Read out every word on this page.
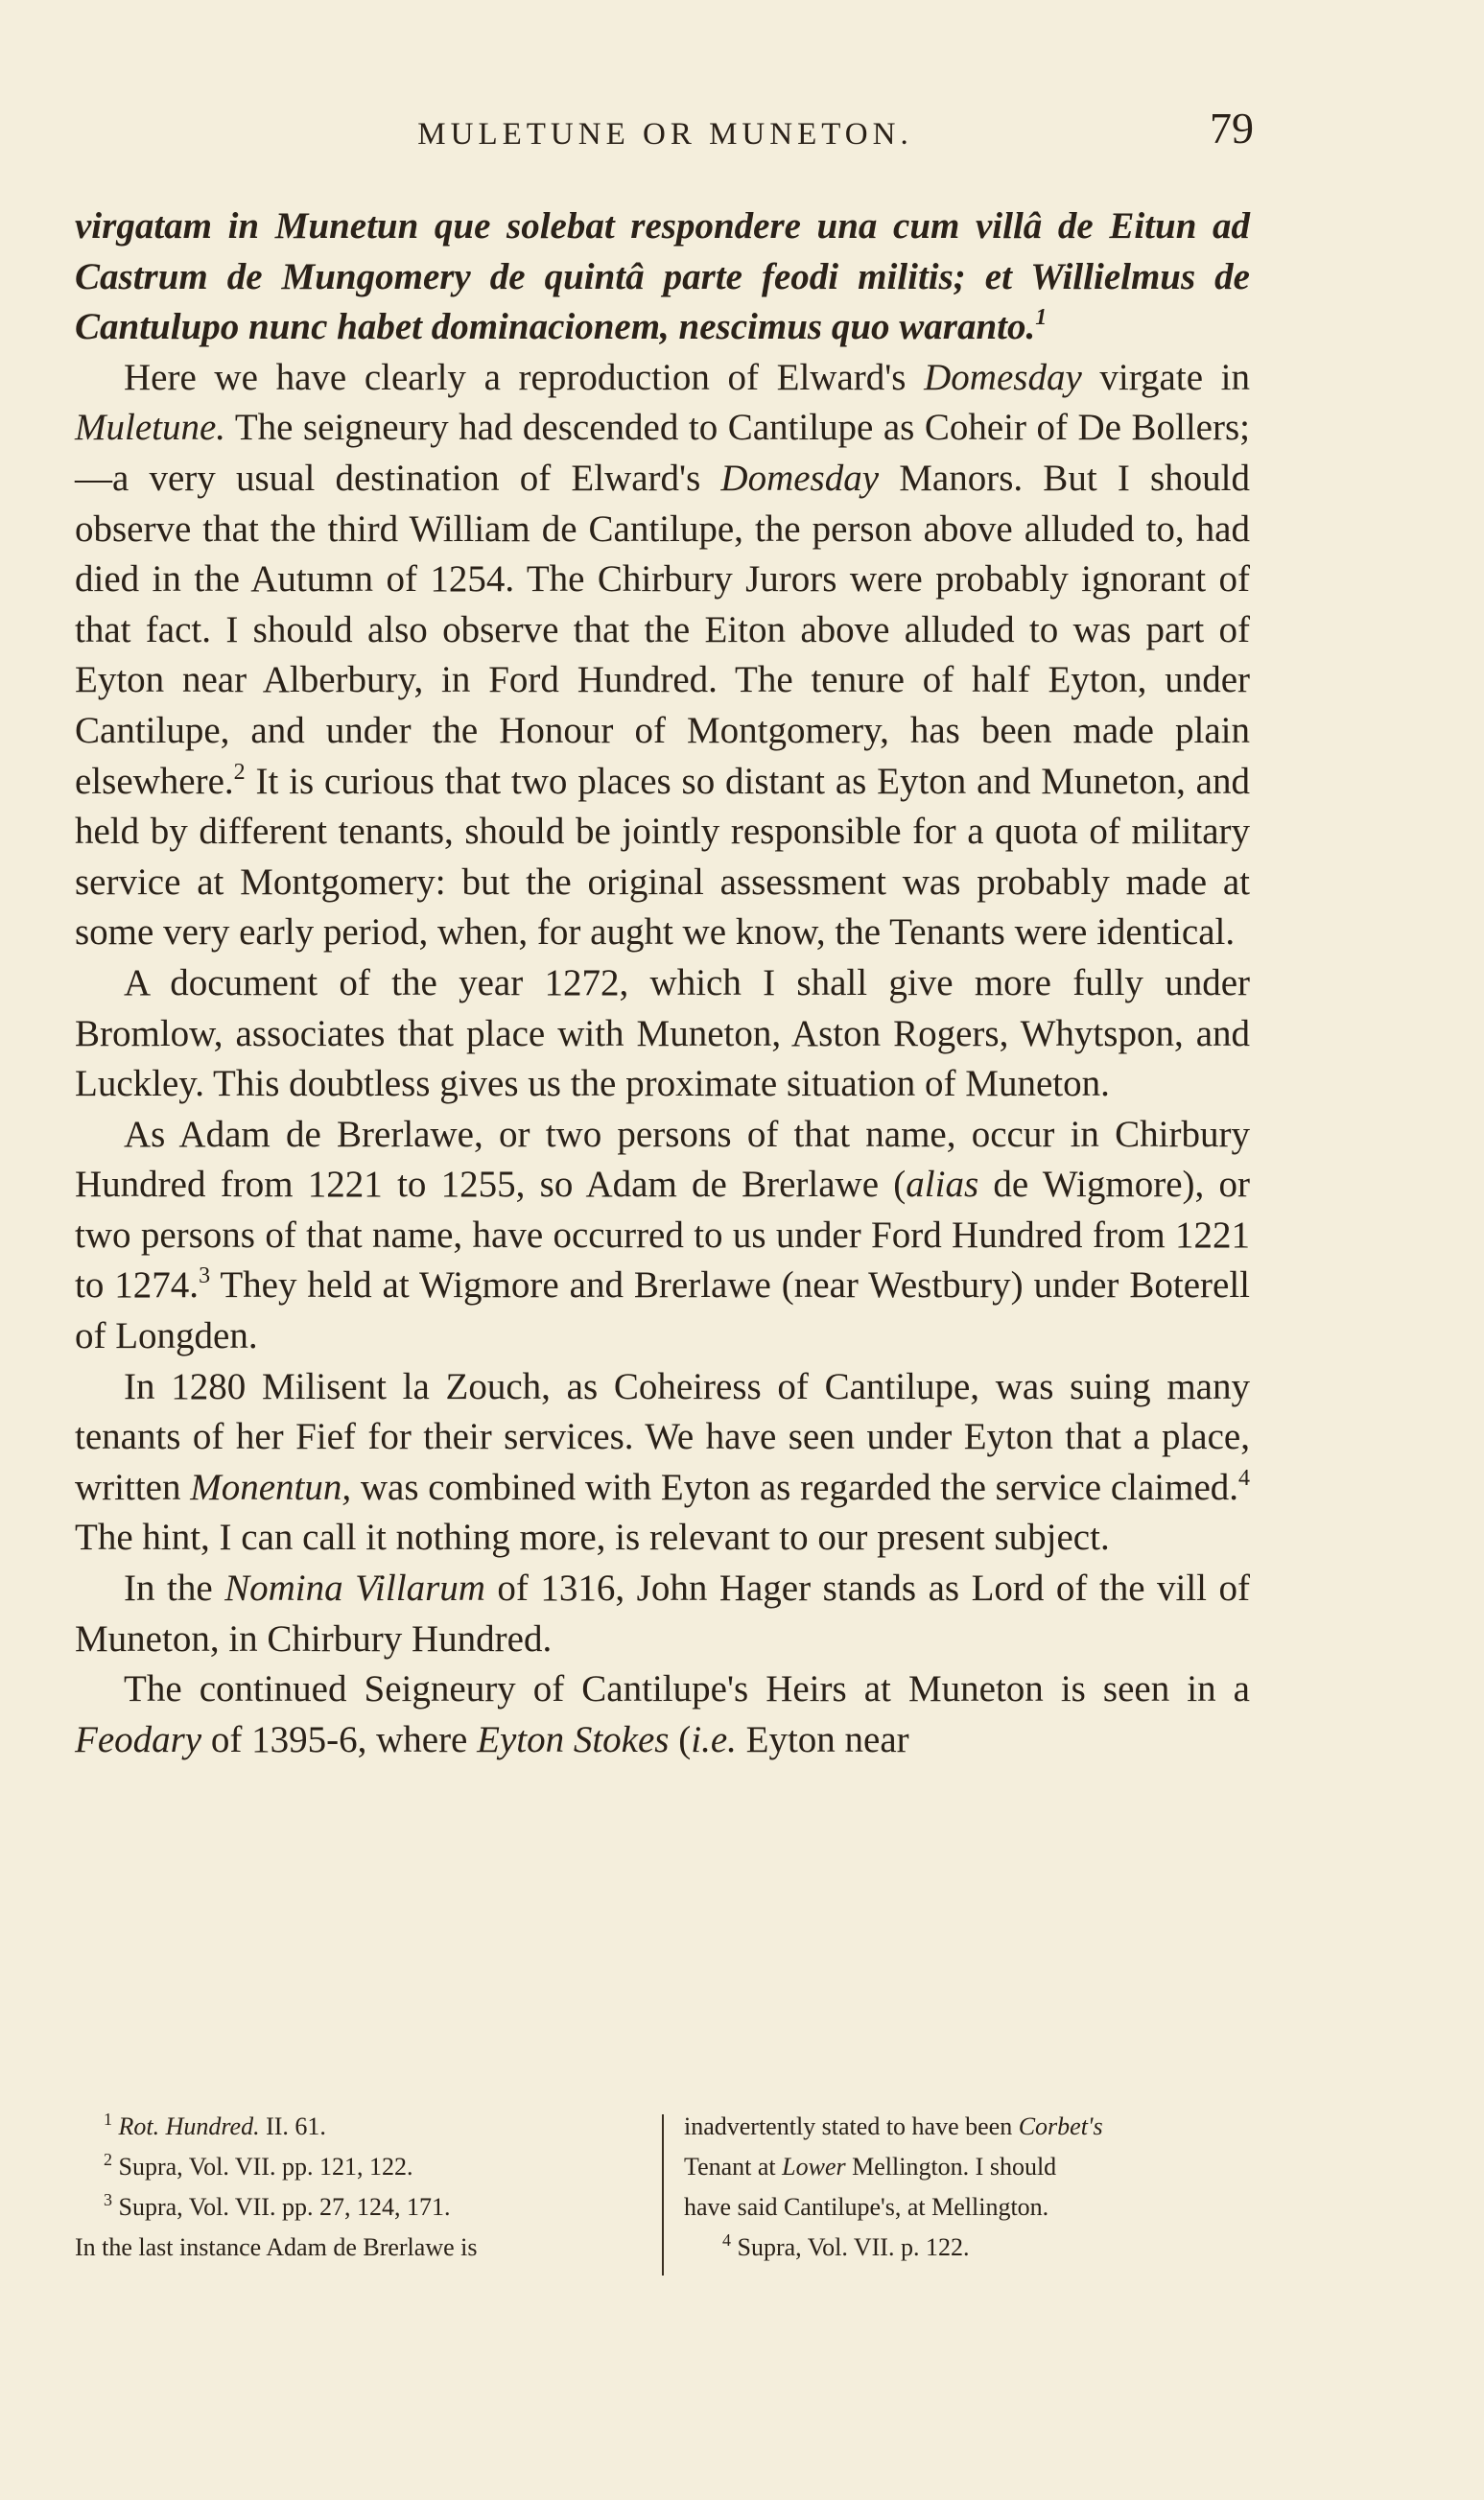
MULETUNE OR MUNETON.	79

virgatam in Munetun que solebat respondere una cum villâ de Eitun ad Castrum de Mungomery de quintâ parte feodi militis; et Willielmus de Cantulupo nunc habet dominacionem, nescimus quo waranto.$^1$

Here we have clearly a reproduction of Elward's Domesday virgate in Muletune. The seigneury had descended to Cantilupe as Coheir of De Bollers;—a very usual destination of Elward's Domesday Manors. But I should observe that the third William de Cantilupe, the person above alluded to, had died in the Autumn of 1254. The Chirbury Jurors were probably ignorant of that fact. I should also observe that the Eiton above alluded to was part of Eyton near Alberbury, in Ford Hundred. The tenure of half Eyton, under Cantilupe, and under the Honour of Montgomery, has been made plain elsewhere.$^2$ It is curious that two places so distant as Eyton and Muneton, and held by different tenants, should be jointly responsible for a quota of military service at Montgomery: but the original assessment was probably made at some very early period, when, for aught we know, the Tenants were identical.

A document of the year 1272, which I shall give more fully under Bromlow, associates that place with Muneton, Aston Rogers, Whytspon, and Luckley. This doubtless gives us the proximate situation of Muneton.

As Adam de Brerlawe, or two persons of that name, occur in Chirbury Hundred from 1221 to 1255, so Adam de Brerlawe (alias de Wigmore), or two persons of that name, have occurred to us under Ford Hundred from 1221 to 1274.$^3$ They held at Wigmore and Brerlawe (near Westbury) under Boterell of Longden.

In 1280 Milisent la Zouch, as Coheiress of Cantilupe, was suing many tenants of her Fief for their services. We have seen under Eyton that a place, written Monentun, was combined with Eyton as regarded the service claimed.$^4$ The hint, I can call it nothing more, is relevant to our present subject.

In the Nomina Villarum of 1316, John Hager stands as Lord of the vill of Muneton, in Chirbury Hundred.

The continued Seigneury of Cantilupe's Heirs at Muneton is seen in a Feodary of 1395-6, where Eyton Stokes (i.e. Eyton near

$^1$ Rot. Hundred. II. 61.
$^2$ Supra, Vol. VII. pp. 121, 122.
$^3$ Supra, Vol. VII. pp. 27, 124, 171.
In the last instance Adam de Brerlawe is
inadvertently stated to have been Corbet's
Tenant at Lower Mellington. I should
have said Cantilupe's, at Mellington.
$^4$ Supra, Vol. VII. p. 122.
